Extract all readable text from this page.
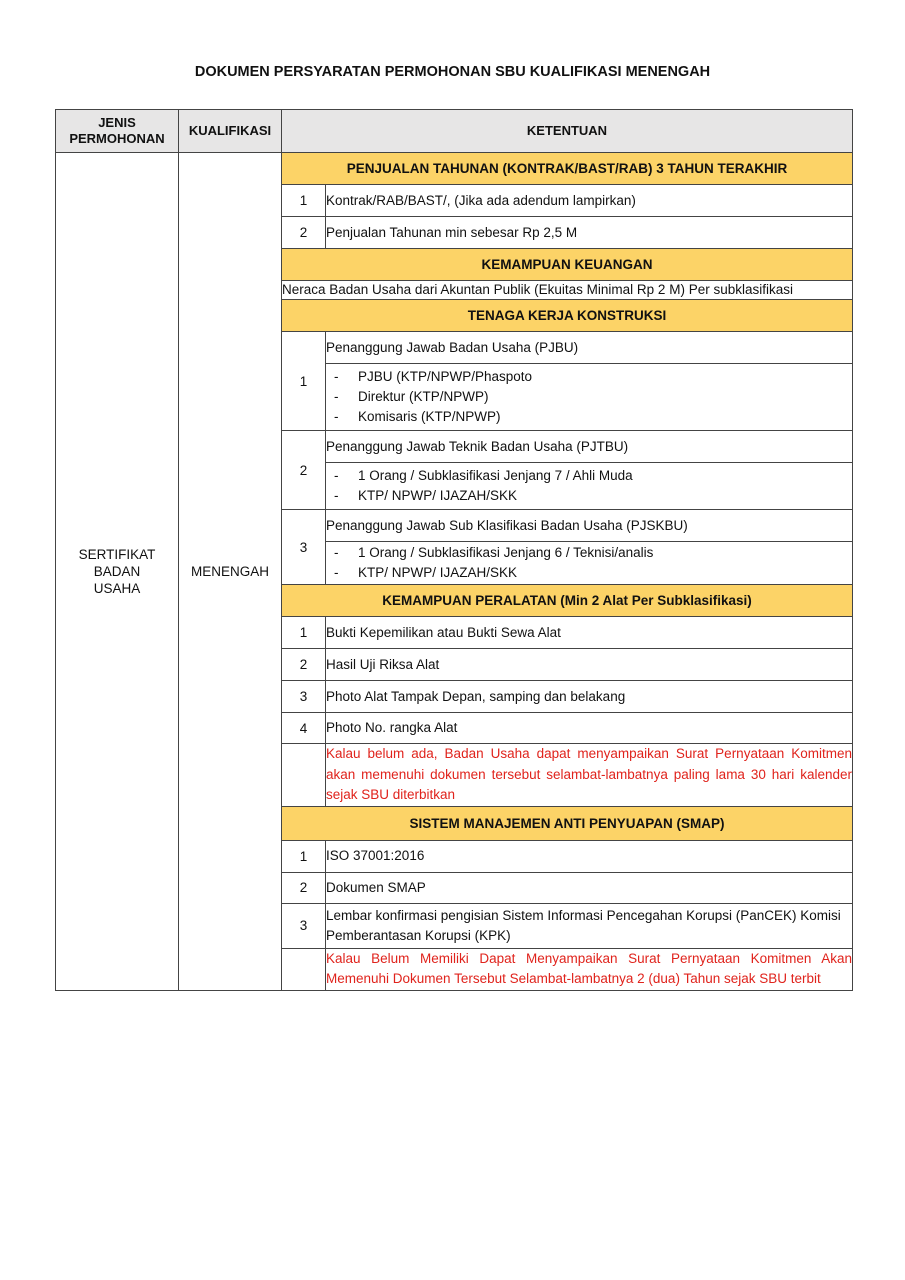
DOKUMEN PERSYARATAN PERMOHONAN SBU KUALIFIKASI MENENGAH
JENIS PERMOHONAN	KUALIFIKASI	KETENTUAN	

SERTIFIKAT BADAN USAHA	MENENGAH	PENJUALAN TAHUNAN (KONTRAK/BAST/RAB) 3 TAHUN TERAKHIR	
		1	Kontrak/RAB/BAST/, (Jika ada adendum lampirkan)
		2	Penjualan Tahunan min sebesar Rp 2,5 M
		KEMAMPUAN KEUANGAN	
		Neraca Badan Usaha dari Akuntan Publik (Ekuitas Minimal Rp 2 M) Per subklasifikasi	
		TENAGA KERJA KONSTRUKSI	
		1	Penanggung Jawab Badan Usaha (PJBU)

- PJBU (KTP/NPWP/Phaspoto
- Direktur (KTP/NPWP)
- Komisaris (KTP/NPWP)

		2	Penanggung Jawab Teknik Badan Usaha (PJTBU)

- 1 Orang / Subklasifikasi Jenjang 7 / Ahli Muda
- KTP/ NPWP/ IJAZAH/SKK

		3	Penanggung Jawab Sub Klasifikasi Badan Usaha (PJSKBU)

- 1 Orang / Subklasifikasi Jenjang 6 / Teknisi/analis
- KTP/ NPWP/ IJAZAH/SKK

		KEMAMPUAN PERALATAN (Min 2 Alat Per Subklasifikasi)	
		1	Bukti Kepemilikan atau Bukti Sewa Alat
		2	Hasil Uji Riksa Alat
		3	Photo Alat Tampak Depan, samping dan belakang
		4	Photo No. rangka Alat
			Kalau belum ada, Badan Usaha dapat menyampaikan Surat Pernyataan Komitmen akan memenuhi dokumen tersebut selambat-lambatnya paling lama 30 hari kalender sejak SBU diterbitkan
		SISTEM MANAJEMEN ANTI PENYUAPAN (SMAP)	
		1	ISO 37001:2016
		2	Dokumen SMAP
		3	Lembar konfirmasi pengisian Sistem Informasi Pencegahan Korupsi (PanCEK) Komisi Pemberantasan Korupsi (KPK)
			Kalau Belum Memiliki Dapat Menyampaikan Surat Pernyataan Komitmen Akan Memenuhi Dokumen Tersebut Selambat-lambatnya 2 (dua) Tahun sejak SBU terbit
